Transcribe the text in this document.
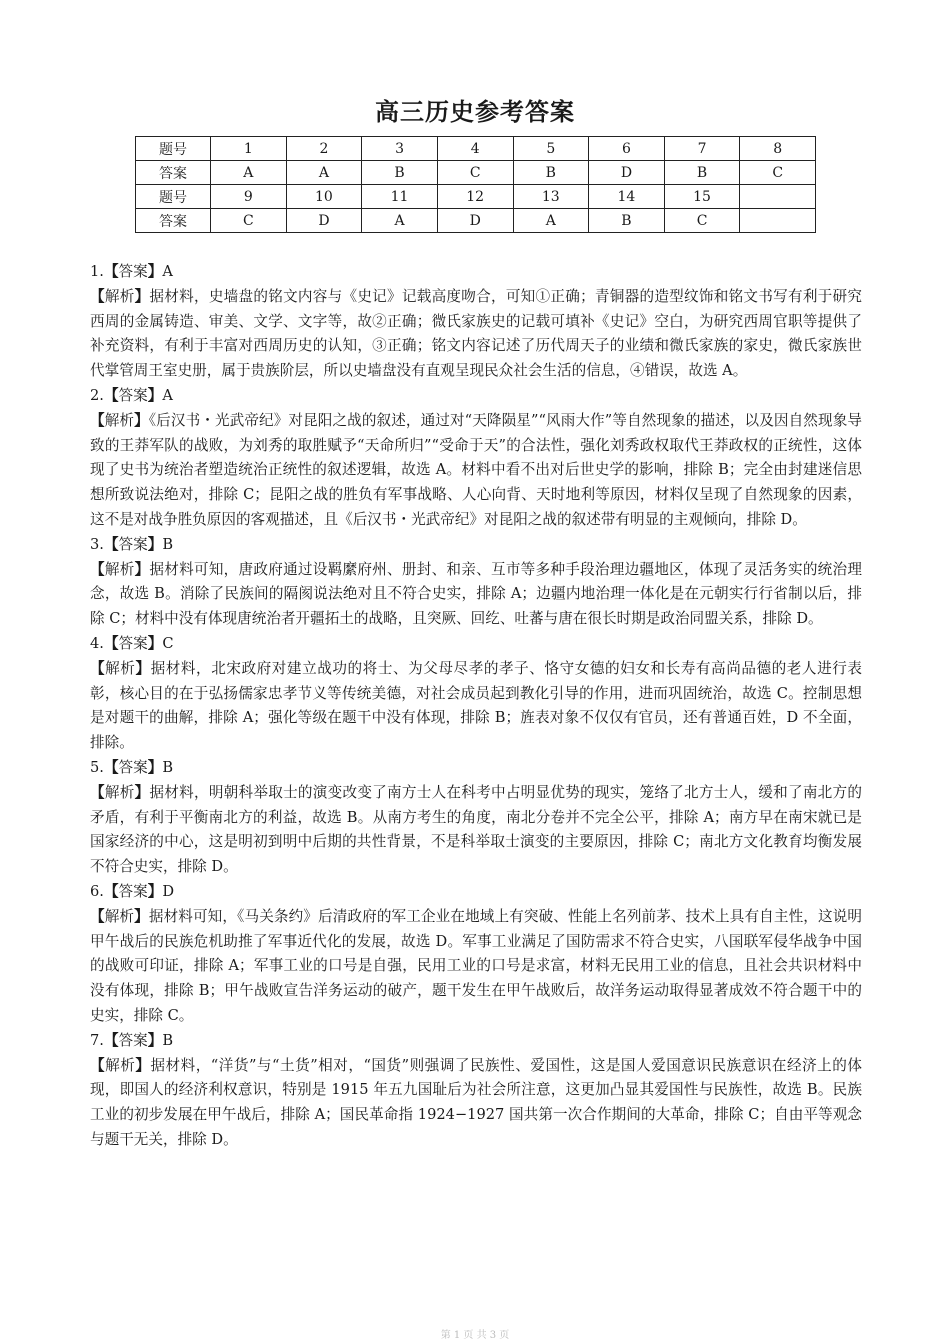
高三历史参考答案
题号	1	2	3	4	5	6	7	8
答案	A	A	B	C	B	D	B	C
题号	9	10	11	12	13	14	15	
答案	C	D	A	D	A	B	C	

1.【答案】A

【解析】据材料，史墙盘的铭文内容与《史记》记载高度吻合，可知①正确；青铜器的造型纹饰和铭文书写有利于研究西周的金属铸造、审美、文学、文字等，故②正确；微氏家族史的记载可填补《史记》空白，为研究西周官职等提供了补充资料，有利于丰富对西周历史的认知，③正确；铭文内容记述了历代周天子的业绩和微氏家族的家史，微氏家族世代掌管周王室史册，属于贵族阶层，所以史墙盘没有直观呈现民众社会生活的信息，④错误，故选 A。

2.【答案】A

【解析】《后汉书・光武帝纪》对昆阳之战的叙述，通过对“天降陨星”“风雨大作”等自然现象的描述，以及因自然现象导致的王莽军队的战败，为刘秀的取胜赋予“天命所归”“受命于天”的合法性，强化刘秀政权取代王莽政权的正统性，这体现了史书为统治者塑造统治正统性的叙述逻辑，故选 A。材料中看不出对后世史学的影响，排除 B；完全由封建迷信思想所致说法绝对，排除 C；昆阳之战的胜负有军事战略、人心向背、天时地利等原因，材料仅呈现了自然现象的因素，这不是对战争胜负原因的客观描述，且《后汉书・光武帝纪》对昆阳之战的叙述带有明显的主观倾向，排除 D。

3.【答案】B

【解析】据材料可知，唐政府通过设羁縻府州、册封、和亲、互市等多种手段治理边疆地区，体现了灵活务实的统治理念，故选 B。消除了民族间的隔阂说法绝对且不符合史实，排除 A；边疆内地治理一体化是在元朝实行行省制以后，排除 C；材料中没有体现唐统治者开疆拓土的战略，且突厥、回纥、吐蕃与唐在很长时期是政治同盟关系，排除 D。

4.【答案】C

【解析】据材料，北宋政府对建立战功的将士、为父母尽孝的孝子、恪守女德的妇女和长寿有高尚品德的老人进行表彰，核心目的在于弘扬儒家忠孝节义等传统美德，对社会成员起到教化引导的作用，进而巩固统治，故选 C。控制思想是对题干的曲解，排除 A；强化等级在题干中没有体现，排除 B；旌表对象不仅仅有官员，还有普通百姓，D 不全面，排除。

5.【答案】B

【解析】据材料，明朝科举取士的演变改变了南方士人在科考中占明显优势的现实，笼络了北方士人，缓和了南北方的矛盾，有利于平衡南北方的利益，故选 B。从南方考生的角度，南北分卷并不完全公平，排除 A；南方早在南宋就已是国家经济的中心，这是明初到明中后期的共性背景，不是科举取士演变的主要原因，排除 C；南北方文化教育均衡发展不符合史实，排除 D。

6.【答案】D

【解析】据材料可知，《马关条约》后清政府的军工企业在地域上有突破、性能上名列前茅、技术上具有自主性，这说明甲午战后的民族危机助推了军事近代化的发展，故选 D。军事工业满足了国防需求不符合史实，八国联军侵华战争中国的战败可印证，排除 A；军事工业的口号是自强，民用工业的口号是求富，材料无民用工业的信息，且社会共识材料中没有体现，排除 B；甲午战败宣告洋务运动的破产，题干发生在甲午战败后，故洋务运动取得显著成效不符合题干中的史实，排除 C。

7.【答案】B

【解析】据材料，“洋货”与“土货”相对，“国货”则强调了民族性、爱国性，这是国人爱国意识民族意识在经济上的体现，即国人的经济利权意识，特别是 1915 年五九国耻后为社会所注意，这更加凸显其爱国性与民族性，故选 B。民族工业的初步发展在甲午战后，排除 A；国民革命指 1924−1927 国共第一次合作期间的大革命，排除 C；自由平等观念与题干无关，排除 D。

第 1 页 共 3 页
